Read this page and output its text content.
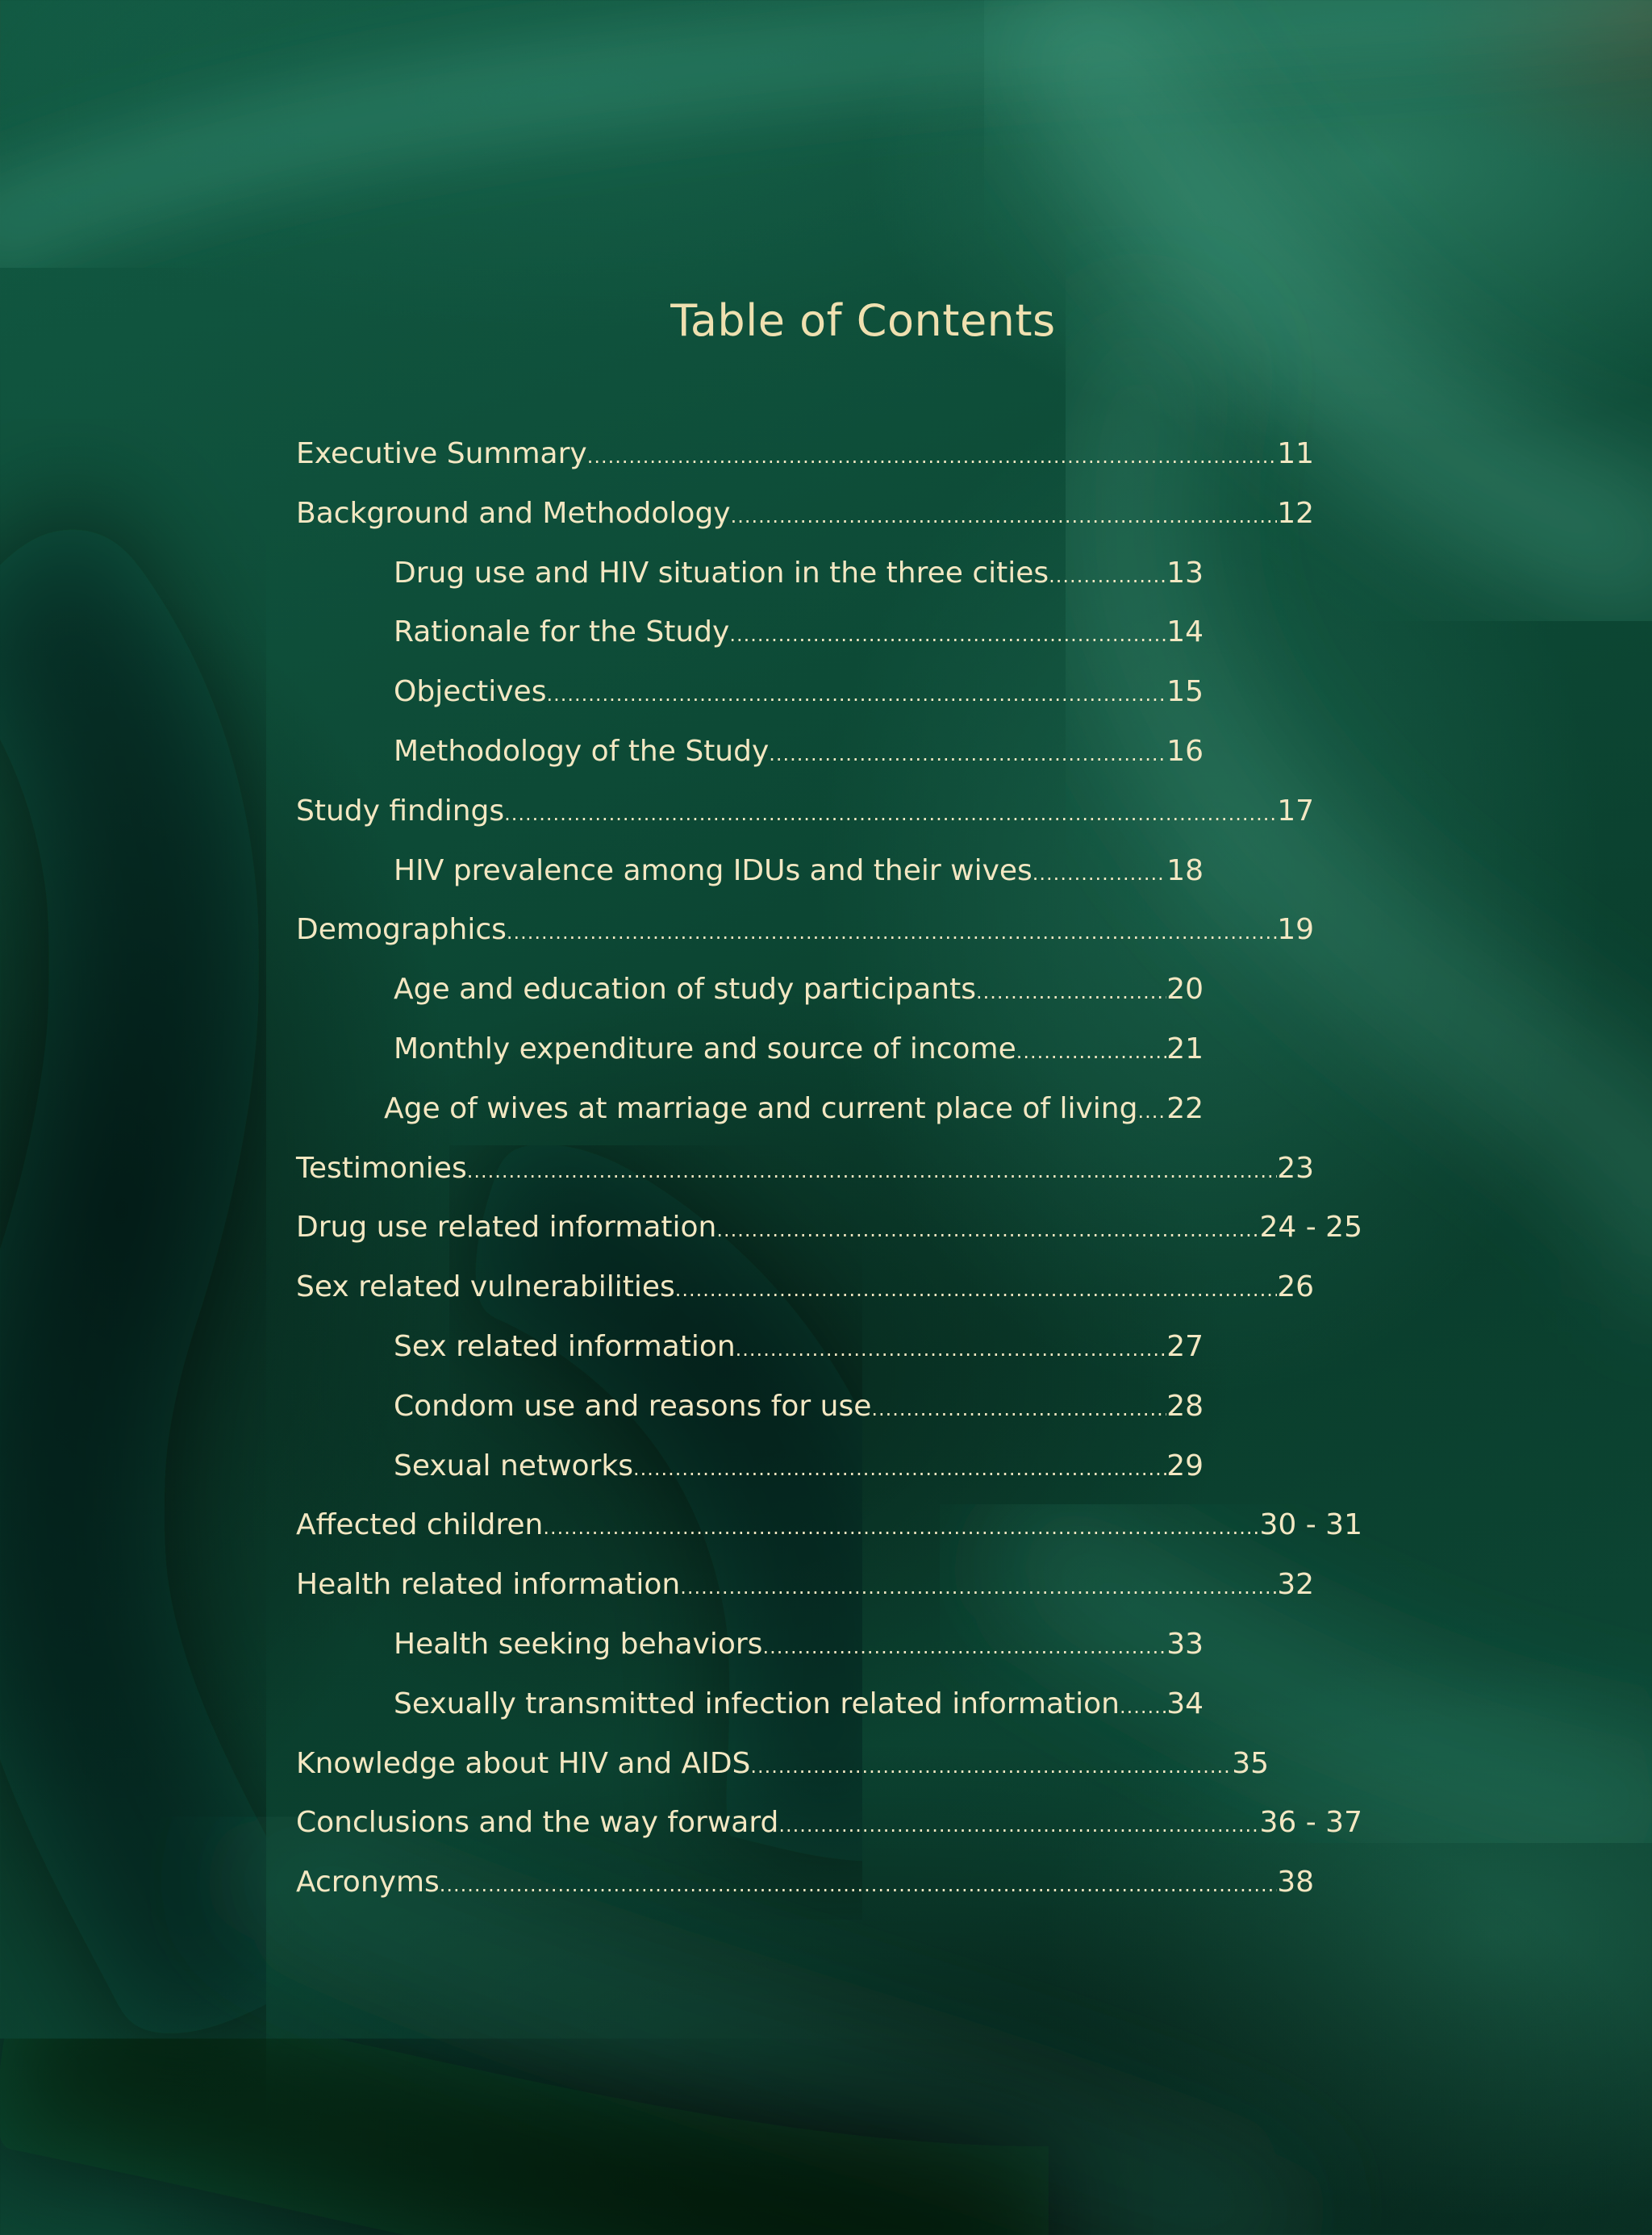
Table of Contents
Executive Summary .....	11
Background and Methodology .....	12
Drug use and HIV situation in the three cities .....	13
Rationale for the Study .....	14
Objectives .....	15
Methodology of the Study .....	16
Study findings .....	17
HIV prevalence among IDUs and their wives .....	18
Demographics .....	19
Age and education of study participants .....	20
Monthly expenditure and source of income .....	21
Age of wives at marriage and current place of living ..... 22
Testimonies .....	23
Drug use related information .....	24 - 25
Sex related vulnerabilities .....	26
Sex related information .....	27
Condom use and reasons for use .....	28
Sexual networks .....	29
Affected children .....	30 - 31
Health related information .....	32
Health seeking behaviors .....	33
Sexually transmitted infection related information ..... 34
Knowledge about HIV and AIDS .....	35
Conclusions and the way forward .....	36 - 37
Acronyms .....	38
